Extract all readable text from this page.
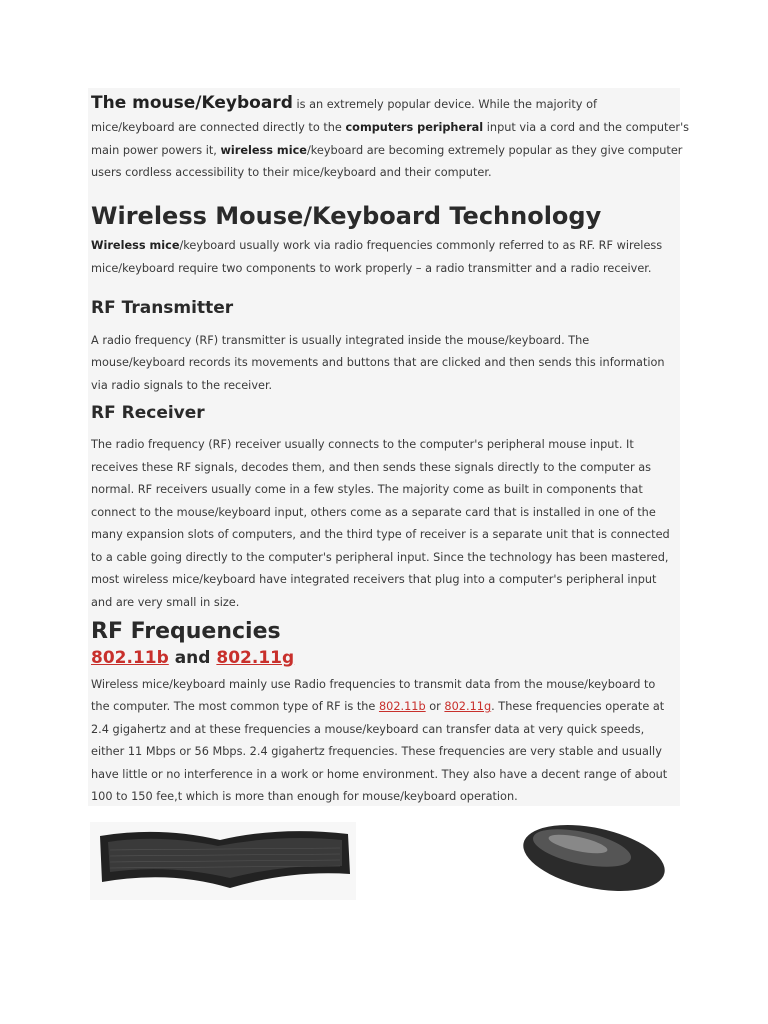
The mouse/Keyboard is an extremely popular device. While the majority of
mice/keyboard are connected directly to the computers peripheral input via a cord and the computer's
main power powers it, wireless mice/keyboard are becoming extremely popular as they give computer
users cordless accessibility to their mice/keyboard and their computer.
Wireless Mouse/Keyboard Technology
Wireless mice/keyboard usually work via radio frequencies commonly referred to as RF. RF wireless
mice/keyboard require two components to work properly – a radio transmitter and a radio receiver.
RF Transmitter
A radio frequency (RF) transmitter is usually integrated inside the mouse/keyboard. The
mouse/keyboard records its movements and buttons that are clicked and then sends this information
via radio signals to the receiver.
RF Receiver
The radio frequency (RF) receiver usually connects to the computer's peripheral mouse input. It
receives these RF signals, decodes them, and then sends these signals directly to the computer as
normal. RF receivers usually come in a few styles. The majority come as built in components that
connect to the mouse/keyboard input, others come as a separate card that is installed in one of the
many expansion slots of computers, and the third type of receiver is a separate unit that is connected
to a cable going directly to the computer's peripheral input. Since the technology has been mastered,
most wireless mice/keyboard have integrated receivers that plug into a computer's peripheral input
and are very small in size.
RF Frequencies
802.11b and 802.11g
Wireless mice/keyboard mainly use Radio frequencies to transmit data from the mouse/keyboard to
the computer. The most common type of RF is the 802.11b or 802.11g. These frequencies operate at
2.4 gigahertz and at these frequencies a mouse/keyboard can transfer data at very quick speeds,
either 11 Mbps or 56 Mbps. 2.4 gigahertz frequencies. These frequencies are very stable and usually
have little or no interference in a work or home environment. They also have a decent range of about
100 to 150 fee,t which is more than enough for mouse/keyboard operation.
